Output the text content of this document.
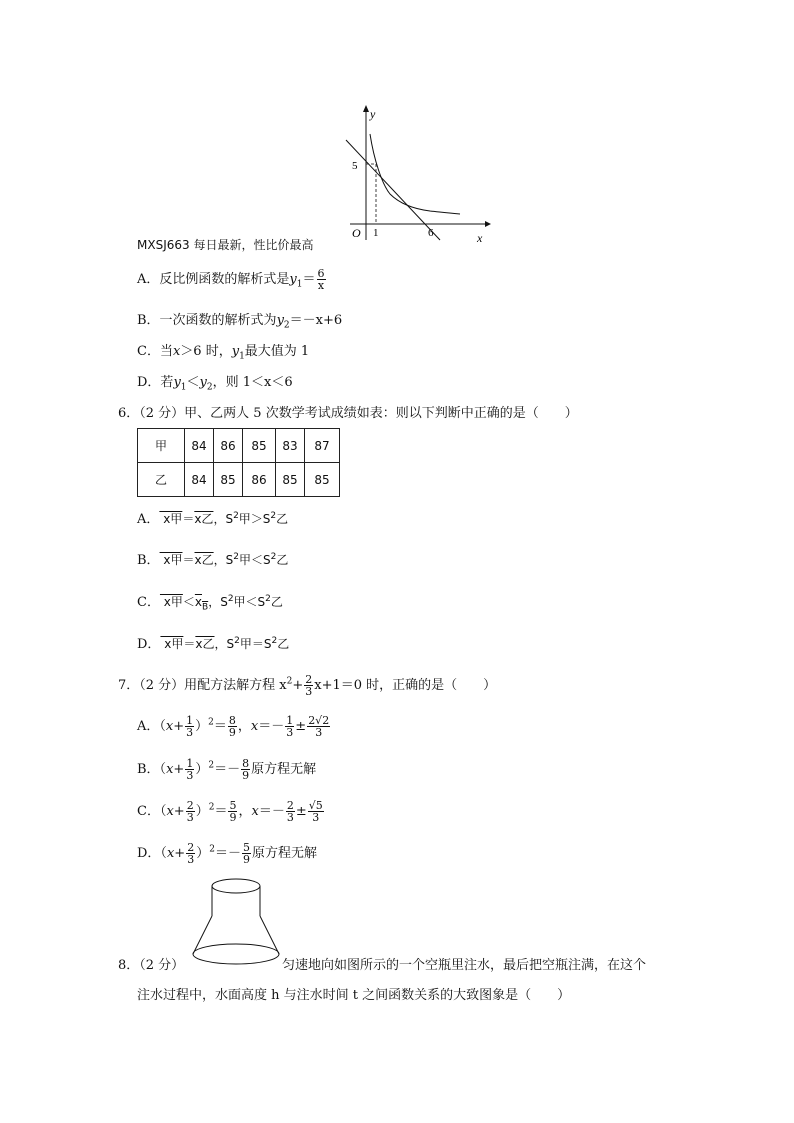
y
5
O 1	6	x
MXSJ663 每日最新，性比价最高
A．反比例函数的解析式是$y_1= \frac{6}{x}$
B．一次函数的解析式为$y_2=-x+6$
C．当x＞6 时，$y_1$最大值为 1
D．若$y_1<y_2$，则 1＜x＜6
6．（2 分）甲、乙两人 5 次数学考试成绩如表：则以下判断中正确的是（　　）
甲	84	86	85	83	87
乙	84	85	86	85	85
A． x甲＝x乙，$S^2$甲$>S^2$乙
B． x甲＝x乙，$S^2$甲$<S^2$乙
C． x甲$<x_B$，$S^2$甲$<S^2$乙
D． x甲＝x乙，$S^2$甲$=S^2$乙
7．（2 分）用配方法解方程 $x^2+ \frac{2}{3} x+1=0$ 时，正确的是（　　）
A．$(x+ \frac{1}{3} )^2= \frac{8}{9}$ ，$x=- \frac{1}{3} \pm \frac{2√2}{3}$
B．$(x+ \frac{1}{3} )^2=- \frac{8}{9}$ 原方程无解
C．$(x+ \frac{2}{3} )^2= \frac{5}{9}$ ，$x=- \frac{2}{3} \pm \frac{√5}{3}$
D．$(x+ \frac{2}{3} )^2=- \frac{5}{9}$ 原方程无解
8．（2 分）	匀速地向如图所示的一个空瓶里注水，最后把空瓶注满，在这个
注水过程中，水面高度 h 与注水时间 t 之间函数关系的大致图象是（　　）
